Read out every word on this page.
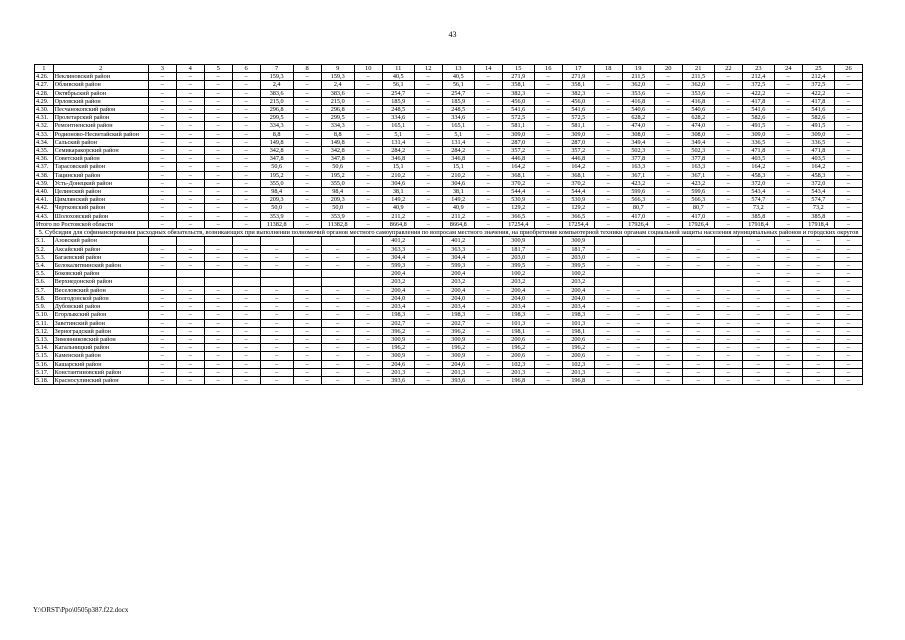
43
1	2	3	4	5	6	7	8	9	10	11	12	13	14	15	16	17	18	19	20	21	22	23	24	25	26
4.26.	Неклиновский район	–	–	–	–	159,3	–	159,3	–	40,5	–	40,5	–	271,9	–	271,9	–	211,5	–	211,5	–	212,4	–	212,4	–
4.27.	Обливский район	–	–	–	–	2,4	–	2,4	–	56,1	–	56,1	–	358,1	–	358,1	–	362,0	–	362,0	–	372,5	–	372,5	–
4.28.	Октябрьский район	–	–	–	–	383,6	–	383,6	–	254,7	–	254,7	–	382,3	–	382,3	–	353,6	–	353,6	–	422,2	–	422,2	–
4.29.	Орловский район	–	–	–	–	215,0	–	215,0	–	185,9	–	185,9	–	456,0	–	456,0	–	416,8	–	416,8	–	417,8	–	417,8	–
4.30.	Песчанокопский район	–	–	–	–	296,8	–	296,8	–	248,5	–	248,5	–	541,6	–	541,6	–	540,6	–	540,6	–	541,6	–	541,6	–
4.31.	Пролетарский район	–	–	–	–	299,5	–	299,5	–	334,6	–	334,6	–	572,5	–	572,5	–	628,2	–	628,2	–	582,6	–	582,6	–
4.32.	Ремонтненский район	–	–	–	–	334,3	–	334,3	–	165,1	–	165,1	–	581,1	–	581,1	–	474,0	–	474,0	–	491,5	–	491,5	–
4.33.	Родионово-Несветайский район	–	–	–	–	8,8	–	8,8	–	5,1	–	5,1	–	309,0	–	309,0	–	308,0	–	308,0	–	309,0	–	309,0	–
4.34.	Сальский район	–	–	–	–	149,8	–	149,8	–	131,4	–	131,4	–	287,0	–	287,0	–	349,4	–	349,4	–	336,5	–	336,5	–
4.35.	Семикаракорский район	–	–	–	–	342,8	–	342,8	–	284,2	–	284,2	–	357,2	–	357,2	–	502,3	–	502,3	–	471,8	–	471,8	–
4.36.	Советский район	–	–	–	–	347,8	–	347,8	–	346,8	–	346,8	–	446,8	–	446,8	–	377,8	–	377,8	–	403,5	–	403,5	–
4.37.	Тарасовский район	–	–	–	–	50,6	–	50,6	–	15,1	–	15,1	–	164,2	–	164,2	–	163,3	–	163,3	–	164,2	–	164,2	–
4.38.	Тацинский район	–	–	–	–	195,2	–	195,2	–	210,2	–	210,2	–	368,1	–	368,1	–	367,1	–	367,1	–	458,3	–	458,3	–
4.39.	Усть-Донецкий район	–	–	–	–	355,0	–	355,0	–	304,6	–	304,6	–	370,2	–	370,2	–	423,2	–	423,2	–	372,0	–	372,0	–
4.40.	Целинский район	–	–	–	–	98,4	–	98,4	–	38,1	–	38,1	–	544,4	–	544,4	–	599,6	–	599,6	–	543,4	–	543,4	–
4.41.	Цимлянский район	–	–	–	–	209,3	–	209,3	–	149,2	–	149,2	–	530,9	–	530,9	–	566,3	–	566,3	–	574,7	–	574,7	–
4.42.	Чертковский район	–	–	–	–	50,0	–	50,0	–	40,9	–	40,9	–	129,2	–	129,2	–	80,7	–	80,7	–	73,2	–	73,2	–
4.43.	Шолоховский район	–	–	–	–	353,9	–	353,9	–	211,2	–	211,2	–	366,5	–	366,5	–	417,0	–	417,0	–	385,8	–	385,8	–
Итого по Ростовской области		–	–	–	–	11382,8	–	11382,8	–	8664,8	–	8664,8	–	17254,4	–	17254,4	–	17926,4	–	17926,4	–	17918,4	–	17918,4	–
5. Субсидия для софинансирования расходных обязательств, возникающих при выполнении полномочий органов местного самоуправления по вопросам местного значения, на приобретение компьютерной техники органам социальной защиты населения муниципальных районов и городских округов																									
5.1.	Азовский район									401,2		401,2		300,9		300,9						–	–	–	–
5.2.	Аксайский район	–	–	–	–	–	–	–	–	363,3	–	363,3	–	181,7	–	181,7	–	–	–	–	–	–	–	–	–
5.3.	Багаевский район	–	–	–	–	–	–	–	–	304,4	–	304,4	–	203,0	–	203,0	–	–	–	–	–	–	–	–	–
5.4.	Белокалитвинский район	–	–	–	–	–	–	–	–	599,3	–	599,3	–	399,5	–	399,5	–	–	–	–	–	–	–	–	–
5.5.	Боковский район									200,4		200,4		100,2		100,2						–	–	–	–
5.6.	Верхнедонской район									203,2		203,2		203,2		203,2						–	–	–	–
5.7.	Веселовский район	–	–	–	–	–	–	–	–	200,4	–	200,4	–	200,4	–	200,4	–	–	–	–	–	–	–	–	–
5.8.	Волгодонской район	–	–	–	–	–	–	–	–	204,0	–	204,0	–	204,0	–	204,0	–	–	–	–	–	–	–	–	–
5.9.	Дубовский район	–	–	–	–	–	–	–	–	203,4	–	203,4	–	203,4	–	203,4	–	–	–	–	–	–	–	–	–
5.10.	Егорлыкский район	–	–	–	–	–	–	–	–	198,3	–	198,3	–	198,3	–	198,3	–	–	–	–	–	–	–	–	–
5.11.	Заветинский район	–	–	–	–	–	–	–	–	202,7	–	202,7	–	101,3	–	101,3	–	–	–	–	–	–	–	–	–
5.12.	Зерноградский район	–	–	–	–	–	–	–	–	396,2	–	396,2	–	198,1	–	198,1	–	–	–	–	–	–	–	–	–
5.13.	Зимовниковский район	–	–	–	–	–	–	–	–	300,9	–	300,9	–	200,6	–	200,6	–	–	–	–	–	–	–	–	–
5.14.	Кагальницкий район	–	–	–	–	–	–	–	–	196,2	–	196,2	–	196,2	–	196,2	–	–	–	–	–	–	–	–	–
5.15.	Каменский район	–	–	–	–	–	–	–	–	300,9	–	300,9	–	200,6	–	200,6	–	–	–	–	–	–	–	–	–
5.16.	Кашарский район	–	–	–	–	–	–	–	–	204,6	–	204,6	–	102,3	–	102,3	–	–	–	–	–	–	–	–	–
5.17.	Константиновский район	–	–	–	–	–	–	–	–	201,3	–	201,3	–	201,3	–	201,3	–	–	–	–	–	–	–	–	–
5.18.	Красносулинский район	–	–	–	–	–	–	–	–	393,6	–	393,6	–	196,8	–	196,8	–	–	–	–	–	–	–	–	–
Y:\ORST\Ppo\0505p387.f22.docx
